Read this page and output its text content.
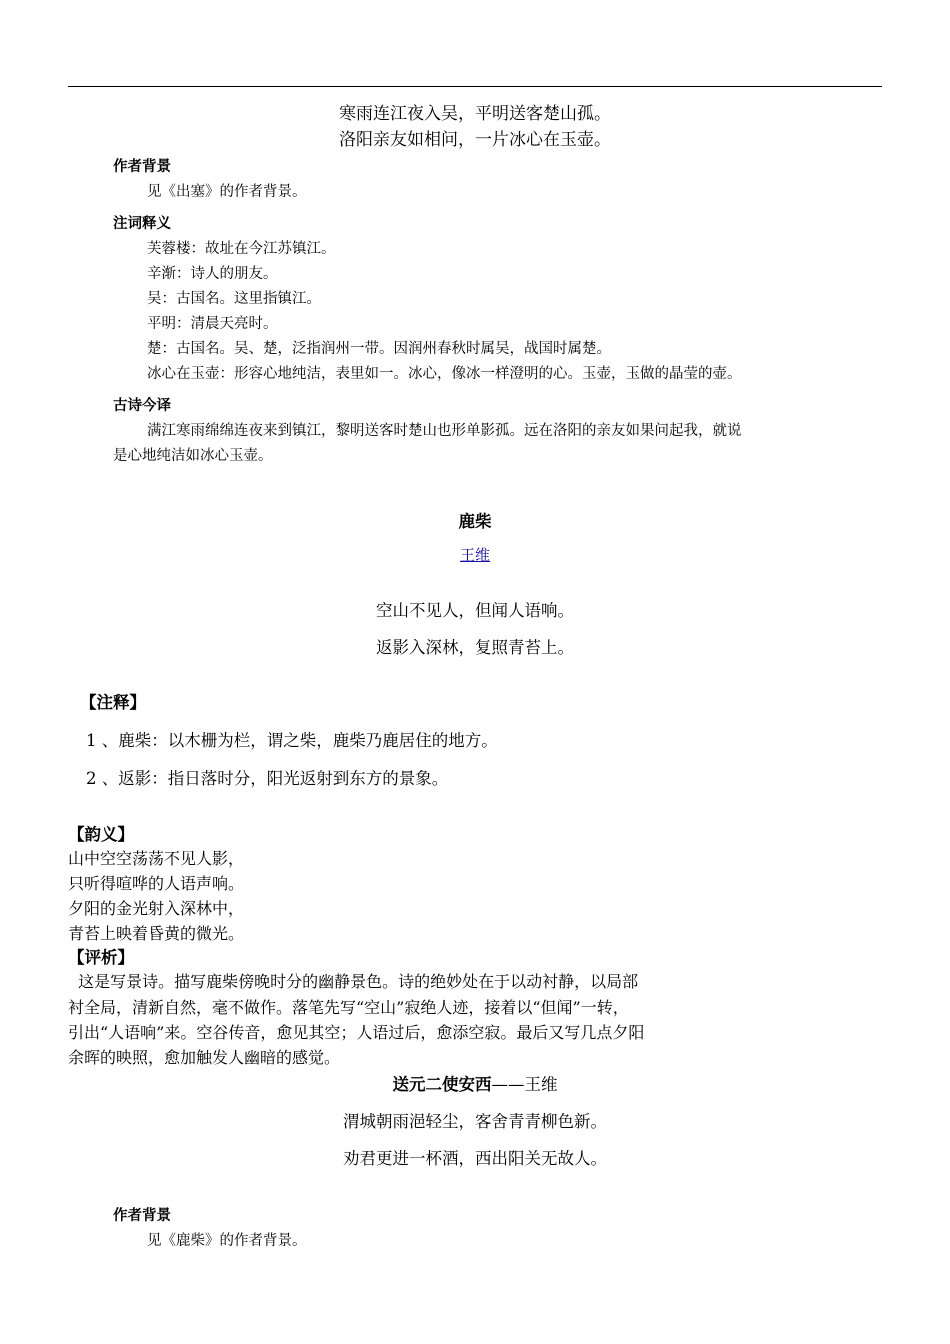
寒雨连江夜入吴，平明送客楚山孤。
洛阳亲友如相问，一片冰心在玉壶。
作者背景
见《出塞》的作者背景。
注词释义
芙蓉楼：故址在今江苏镇江。
辛渐：诗人的朋友。
吴：古国名。这里指镇江。
平明：清晨天亮时。
楚：古国名。吴、楚，泛指润州一带。因润州春秋时属吴，战国时属楚。
冰心在玉壶：形容心地纯洁，表里如一。冰心，像冰一样澄明的心。玉壶，玉做的晶莹的壶。
古诗今译
满江寒雨绵绵连夜来到镇江，黎明送客时楚山也形单影孤。远在洛阳的亲友如果问起我，就说
是心地纯洁如冰心玉壶。
鹿柴
王维
空山不见人，但闻人语响。
返影入深林，复照青苔上。
【注释】
1 、鹿柴：以木栅为栏，谓之柴，鹿柴乃鹿居住的地方。
2 、返影：指日落时分，阳光返射到东方的景象。
【韵义】
山中空空荡荡不见人影，
只听得喧哗的人语声响。
夕阳的金光射入深林中，
青苔上映着昏黄的微光。
【评析】
这是写景诗。描写鹿柴傍晚时分的幽静景色。诗的绝妙处在于以动衬静，以局部
衬全局，清新自然，毫不做作。落笔先写“空山”寂绝人迹，接着以“但闻”一转，
引出“人语响”来。空谷传音，愈见其空；人语过后，愈添空寂。最后又写几点夕阳
余晖的映照，愈加触发人幽暗的感觉。
送元二使安西——王维
渭城朝雨浥轻尘，客舍青青柳色新。
劝君更进一杯酒，西出阳关无故人。
作者背景
见《鹿柴》的作者背景。
